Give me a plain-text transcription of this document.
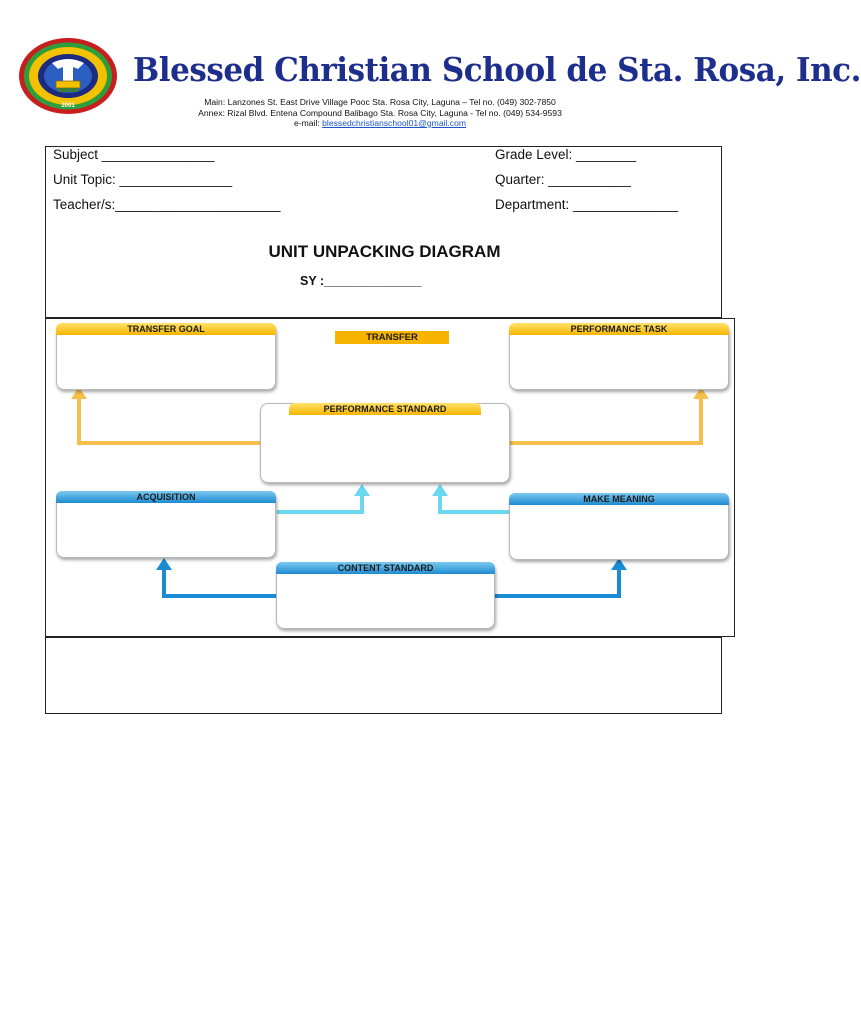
2001
Blessed Christian School de Sta. Rosa, Inc.
Main: Lanzones St. East Drive Village Pooc Sta. Rosa City, Laguna – Tel no. (049) 302-7850
Annex: Rizal Blvd. Entena Compound Balibago Sta. Rosa City, Laguna - Tel no. (049) 534-9593
e-mail: blessedchristianschool01@gmail.com
Subject _______________
Unit Topic: _______________
Teacher/s:______________________
Grade Level: ________
Quarter: ___________
Department: ______________
UNIT UNPACKING DIAGRAM
SY :______________
TRANSFER
TRANSFER GOAL	PERFORMANCE TASK
PERFORMANCE STANDARD
ACQUISITION	MAKE MEANING
CONTENT STANDARD
